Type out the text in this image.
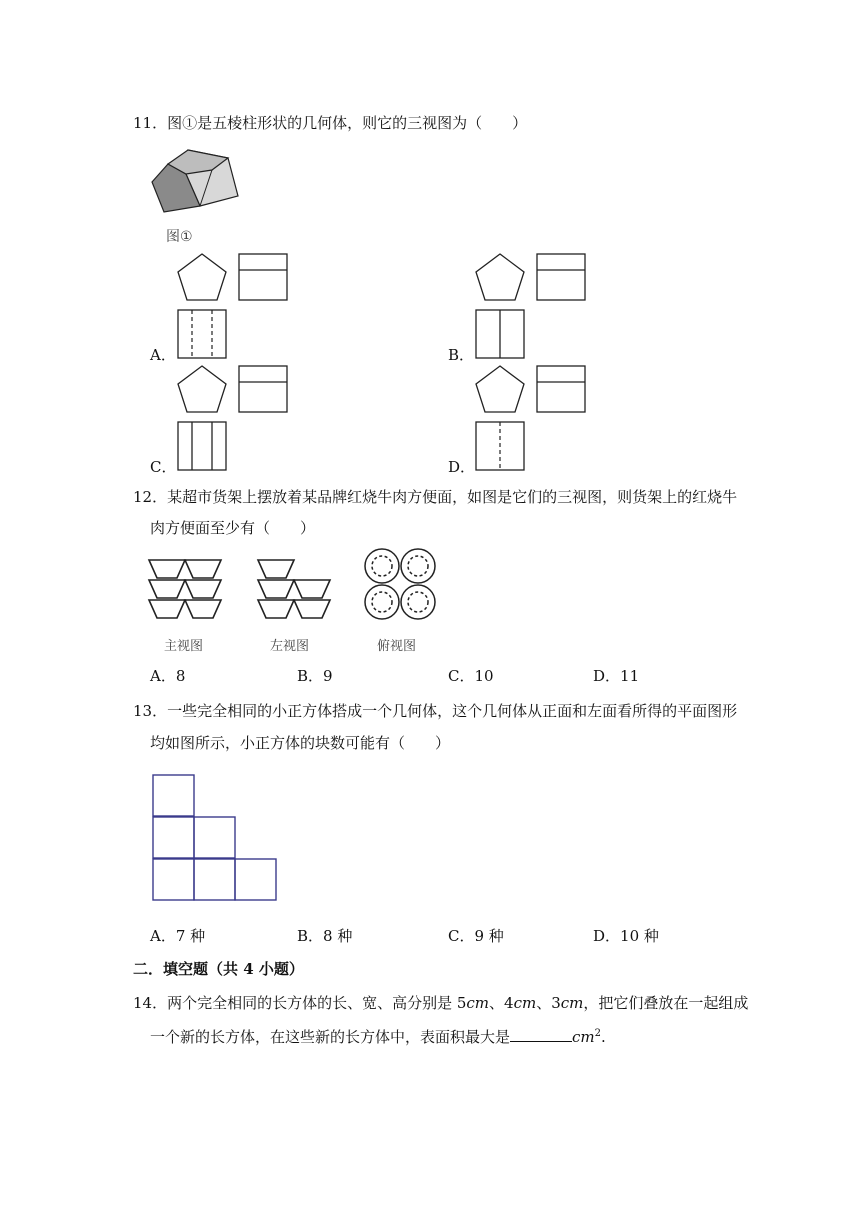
11．图①是五棱柱形状的几何体，则它的三视图为（　　）
图①
A．	B．
C．	D．
12．某超市货架上摆放着某品牌红烧牛肉方便面，如图是它们的三视图，则货架上的红烧牛
肉方便面至少有（　　）
主视图	左视图	俯视图
A．8	B．9	C．10	D．11
13．一些完全相同的小正方体搭成一个几何体，这个几何体从正面和左面看所得的平面图形
均如图所示，小正方体的块数可能有（　　）
A．7 种	B．8 种	C．9 种	D．10 种
二．填空题（共 4 小题）
14．两个完全相同的长方体的长、宽、高分别是 5cm、4cm、3cm，把它们叠放在一起组成
一个新的长方体，在这些新的长方体中，表面积最大是	$cm^2$.
